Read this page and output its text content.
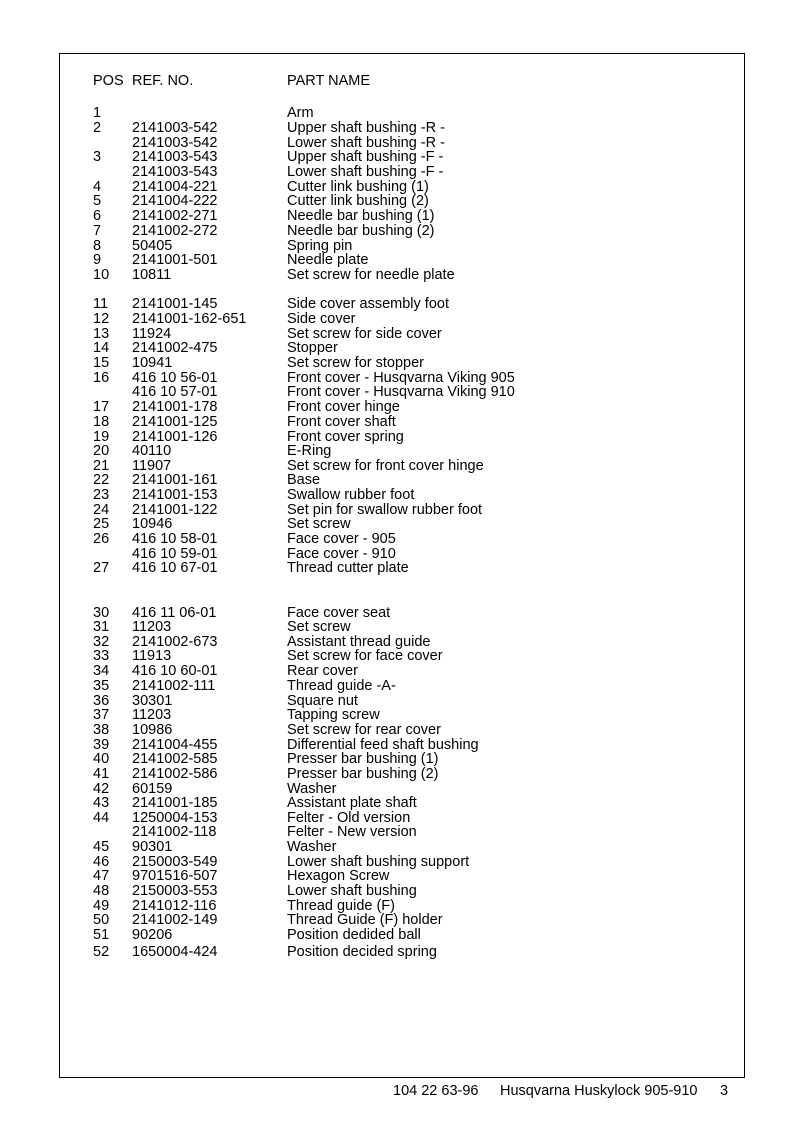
POS REF. NO.	PART NAME
1	Arm
2 2141003-542	Upper shaft bushing -R -
2141003-542	Lower shaft bushing -R -
3 2141003-543	Upper shaft bushing -F -
2141003-543	Lower shaft bushing -F -
4 2141004-221	Cutter link bushing (1)
5 2141004-222	Cutter link bushing (2)
6 2141002-271	Needle bar bushing (1)
7 2141002-272	Needle bar bushing (2)
8 50405	Spring pin
9 2141001-501	Needle plate
10 10811	Set screw for needle plate
11 2141001-145	Side cover assembly foot
12 2141001-162-651	Side cover
13 11924	Set screw for side cover
14 2141002-475	Stopper
15 10941	Set screw for stopper
16 416 10 56-01	Front cover - Husqvarna Viking 905
416 10 57-01	Front cover - Husqvarna Viking 910
17 2141001-178	Front cover hinge
18 2141001-125	Front cover shaft
19 2141001-126	Front cover spring
20 40110	E-Ring
21 11907	Set screw for front cover hinge
22 2141001-161	Base
23 2141001-153	Swallow rubber foot
24 2141001-122	Set pin for swallow rubber foot
25 10946	Set screw
26 416 10 58-01	Face cover - 905
416 10 59-01	Face cover - 910
27 416 10 67-01	Thread cutter plate
30 416 11 06-01	Face cover seat
31 11203	Set screw
32 2141002-673	Assistant thread guide
33 11913	Set screw for face cover
34 416 10 60-01	Rear cover
35 2141002-111	Thread guide -A-
36 30301	Square nut
37 11203	Tapping screw
38 10986	Set screw for rear cover
39 2141004-455	Differential feed shaft bushing
40 2141002-585	Presser bar bushing (1)
41 2141002-586	Presser bar bushing (2)
42 60159	Washer
43 2141001-185	Assistant plate shaft
44 1250004-153	Felter - Old version
2141002-118	Felter - New version
45 90301	Washer
46 2150003-549	Lower shaft bushing support
47 9701516-507	Hexagon Screw
48 2150003-553	Lower shaft bushing
49 2141012-116	Thread guide (F)
50 2141002-149	Thread Guide (F) holder
51 90206	Position dedided ball
52 1650004-424	Position decided spring
104 22 63-96 Husqvarna Huskylock 905-910 3
